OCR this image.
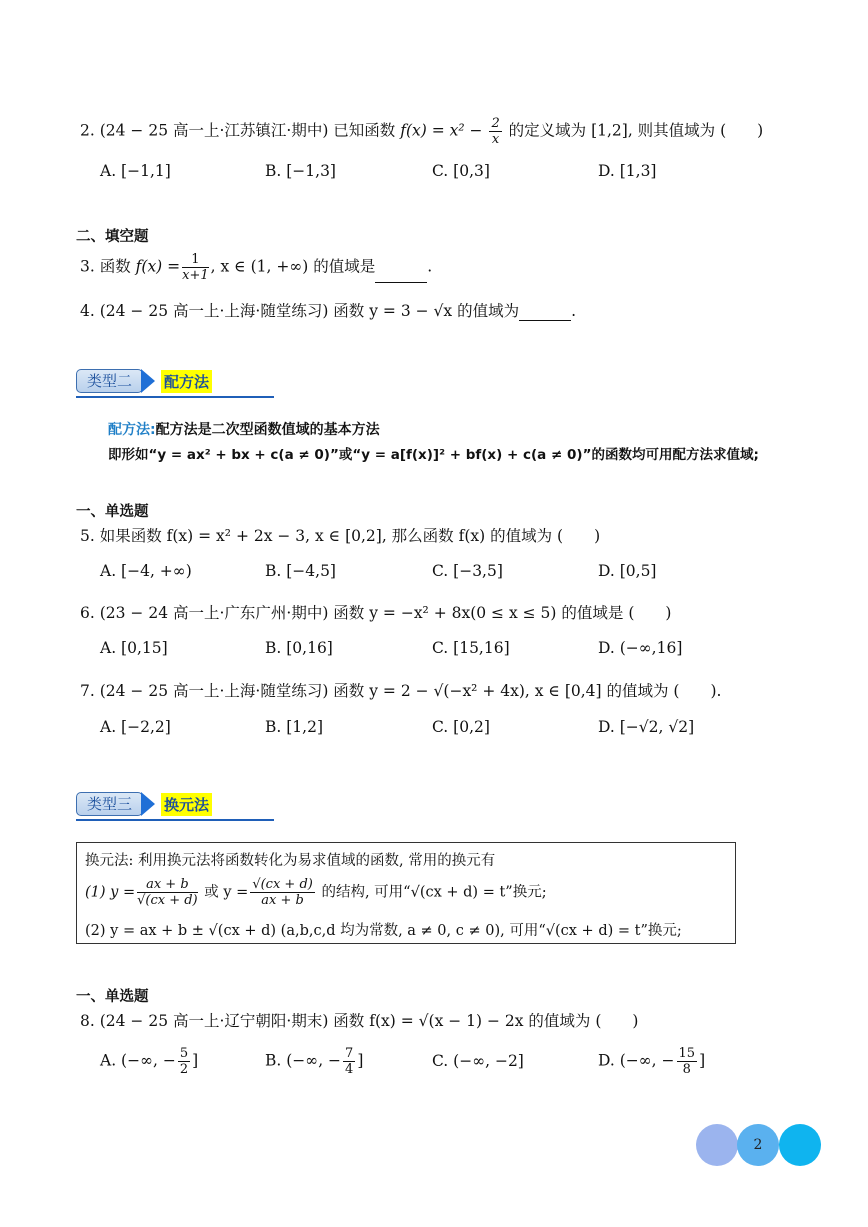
2. (24 − 25 高一上·江苏镇江·期中) 已知函数 $f(x) = x^2 - \frac{2}{x}$ 的定义域为 [1,2], 则其值域为 (　　)
A. [−1,1]	B. [−1,3]	C. [0,3]	D. [1,3]
二、填空题
3. 函数 $f(x) = \frac{1}{x+1}$ , x ∈ (1, +∞) 的值域是	.
4. (24 − 25 高一上·上海·随堂练习) 函数 y = 3 − √x 的值域为	.
类型二	配方法
配方法:配方法是二次型函数值域的基本方法
即形如“y = ax² + bx + c(a ≠ 0)”或“y = a[f(x)]² + bf(x) + c(a ≠ 0)”的函数均可用配方法求值域;
一、单选题
5. 如果函数 f(x) = x² + 2x − 3, x ∈ [0,2], 那么函数 f(x) 的值域为 (　　)
A. [−4, +∞)	B. [−4,5]	C. [−3,5]	D. [0,5]
6. (23 − 24 高一上·广东广州·期中) 函数 y = −x² + 8x(0 ≤ x ≤ 5) 的值域是 (　　)
A. [0,15]	B. [0,16]	C. [15,16]	D. (−∞,16]
7. (24 − 25 高一上·上海·随堂练习) 函数 y = 2 − √(−x² + 4x), x ∈ [0,4] 的值域为 (　　).
A. [−2,2]	B. [1,2]	C. [0,2]	D. [−√2, √2]
类型三	换元法
换元法: 利用换元法将函数转化为易求值域的函数, 常用的换元有
(1) $y = \frac{ax + b}{√(cx + d)}$ 或 $y = \frac{√(cx + d)}{ax + b}$ 的结构, 可用“√(cx + d) = t”换元;
(2) y = ax + b ± √(cx + d) (a,b,c,d 均为常数, a ≠ 0, c ≠ 0), 可用“√(cx + d) = t”换元;
一、单选题
8. (24 − 25 高一上·辽宁朝阳·期末) 函数 f(x) = √(x − 1) − 2x 的值域为 (　　)
A. (−∞, − $\frac{5}{2}$ ]	B. (−∞, − $\frac{7}{4}$ ]	C. (−∞, −2]	D. (−∞, − $\frac{15}{8}$ ]
2
